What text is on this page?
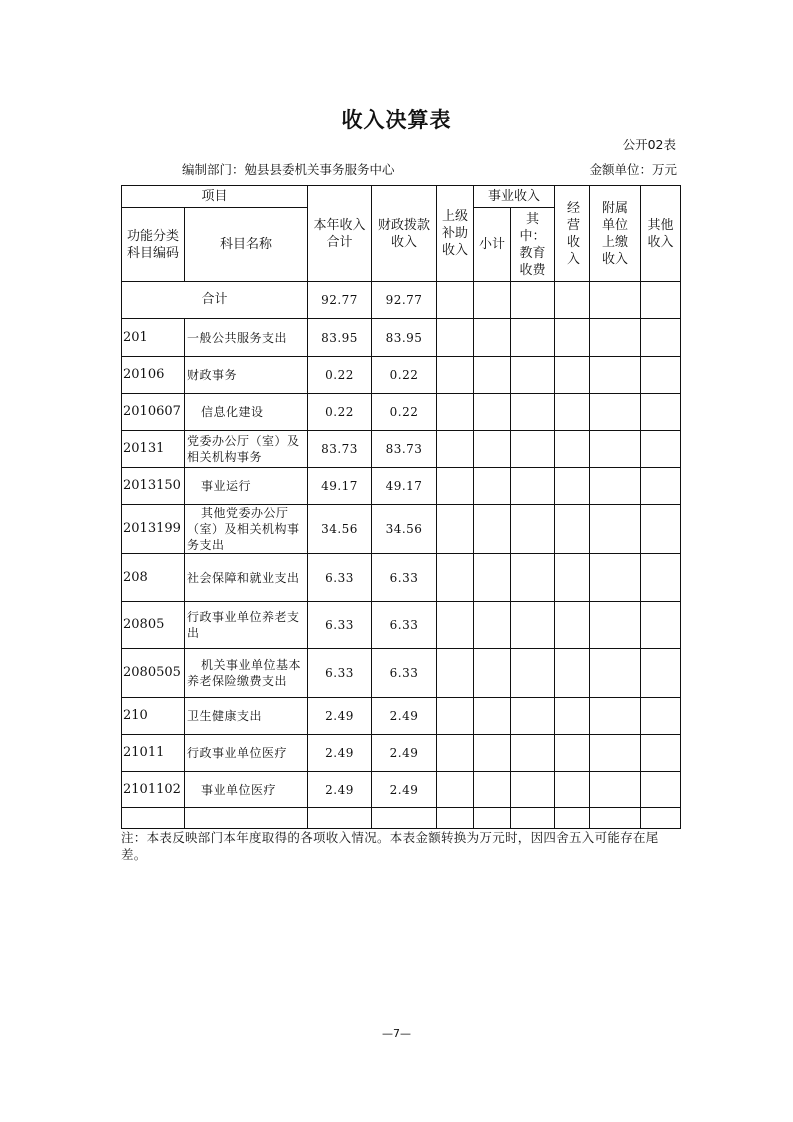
收入决算表
公开02表
编制部门：勉县县委机关事务服务中心	金额单位：万元
项目		本年收入合计	财政拨款收入	上级补助收入	事业收入		经营收入	附属单位上缴收入	其他收入
功能分类科目编码	科目名称				小计	其中：教育收费			
合计		92.77	92.77						
201	一般公共服务支出	83.95	83.95						
20106	财政事务	0.22	0.22						
2010607	信息化建设	0.22	0.22						
20131	党委办公厅（室）及相关机构事务	83.73	83.73						
2013150	事业运行	49.17	49.17						
2013199	其他党委办公厅（室）及相关机构事务支出	34.56	34.56						
208	社会保障和就业支出	6.33	6.33						
20805	行政事业单位养老支出	6.33	6.33						
2080505	机关事业单位基本养老保险缴费支出	6.33	6.33						
210	卫生健康支出	2.49	2.49						
21011	行政事业单位医疗	2.49	2.49						
2101102	事业单位医疗	2.49	2.49						

注：本表反映部门本年度取得的各项收入情况。本表金额转换为万元时，因四舍五入可能存在尾差。
—7—
